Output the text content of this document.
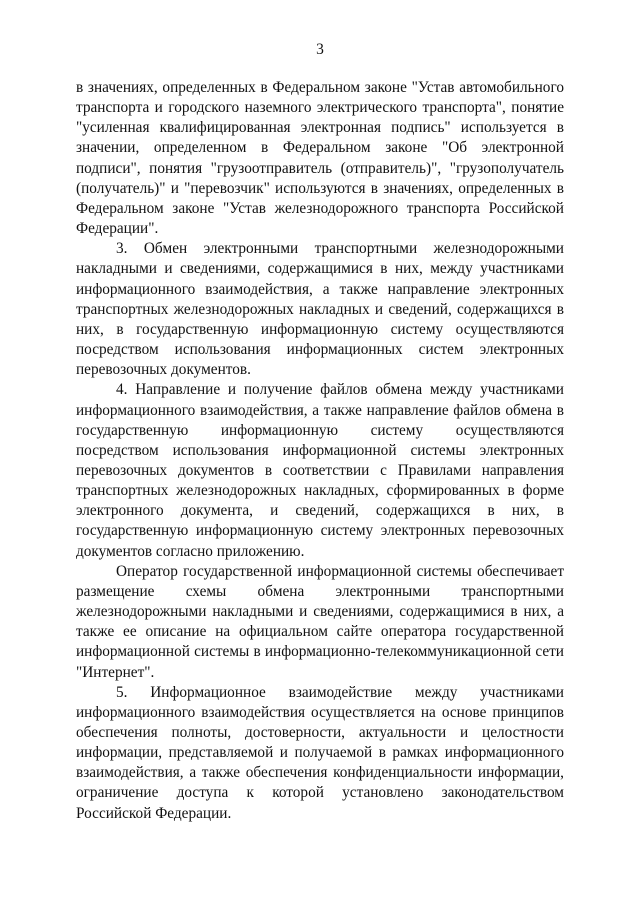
3

в значениях, определенных в Федеральном законе "Устав автомобильного транспорта и городского наземного электрического транспорта", понятие "усиленная квалифицированная электронная подпись" используется в значении, определенном в Федеральном законе "Об электронной подписи", понятия "грузоотправитель (отправитель)", "грузополучатель (получатель)" и "перевозчик" используются в значениях, определенных в Федеральном законе "Устав железнодорожного транспорта Российской Федерации".

3. Обмен электронными транспортными железнодорожными накладными и сведениями, содержащимися в них, между участниками информационного взаимодействия, а также направление электронных транспортных железнодорожных накладных и сведений, содержащихся в них, в государственную информационную систему осуществляются посредством использования информационных систем электронных перевозочных документов.

4. Направление и получение файлов обмена между участниками информационного взаимодействия, а также направление файлов обмена в государственную информационную систему осуществляются посредством использования информационной системы электронных перевозочных документов в соответствии с Правилами направления транспортных железнодорожных накладных, сформированных в форме электронного документа, и сведений, содержащихся в них, в государственную информационную систему электронных перевозочных документов согласно приложению.

Оператор государственной информационной системы обеспечивает размещение схемы обмена электронными транспортными железнодорожными накладными и сведениями, содержащимися в них, а также ее описание на официальном сайте оператора государственной информационной системы в информационно-телекоммуникационной сети "Интернет".

5. Информационное взаимодействие между участниками информационного взаимодействия осуществляется на основе принципов обеспечения полноты, достоверности, актуальности и целостности информации, представляемой и получаемой в рамках информационного взаимодействия, а также обеспечения конфиденциальности информации, ограничение доступа к которой установлено законодательством Российской Федерации.
